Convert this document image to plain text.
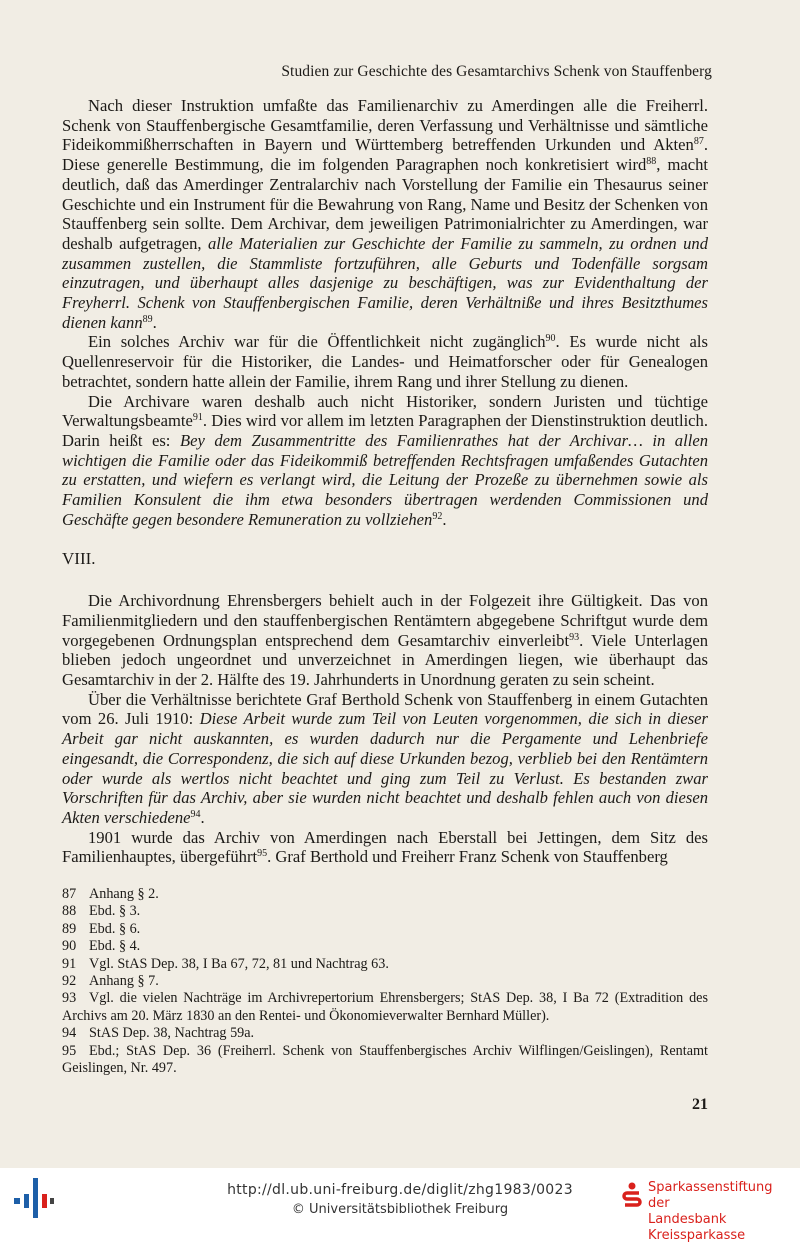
Studien zur Geschichte des Gesamtarchivs Schenk von Stauffenberg

Nach dieser Instruktion umfaßte das Familienarchiv zu Amerdingen alle die Freiherrl. Schenk von Stauffenbergische Gesamtfamilie, deren Verfassung und Verhältnisse und sämtliche Fideikommißherrschaften in Bayern und Württemberg betreffenden Urkunden und Akten$^{87}$. Diese generelle Bestimmung, die im folgenden Paragraphen noch konkretisiert wird$^{88}$, macht deutlich, daß das Amerdinger Zentralarchiv nach Vorstellung der Familie ein Thesaurus seiner Geschichte und ein Instrument für die Bewahrung von Rang, Name und Besitz der Schenken von Stauffenberg sein sollte. Dem Archivar, dem jeweiligen Patrimonialrichter zu Amerdingen, war deshalb aufgetragen, alle Materialien zur Geschichte der Familie zu sammeln, zu ordnen und zusammen zustellen, die Stammliste fortzuführen, alle Geburts und Todenfälle sorgsam einzutragen, und überhaupt alles dasjenige zu beschäftigen, was zur Evidenthaltung der Freyherrl. Schenk von Stauffenbergischen Familie, deren Verhältniße und ihres Besitzthumes dienen kann$^{89}$.

Ein solches Archiv war für die Öffentlichkeit nicht zugänglich$^{90}$. Es wurde nicht als Quellenreservoir für die Historiker, die Landes- und Heimatforscher oder für Genealogen betrachtet, sondern hatte allein der Familie, ihrem Rang und ihrer Stellung zu dienen.

Die Archivare waren deshalb auch nicht Historiker, sondern Juristen und tüchtige Verwaltungsbeamte$^{91}$. Dies wird vor allem im letzten Paragraphen der Dienstinstruktion deutlich. Darin heißt es: Bey dem Zusammentritte des Familienrathes hat der Archivar… in allen wichtigen die Familie oder das Fideikommiß betreffenden Rechtsfragen umfaßendes Gutachten zu erstatten, und wiefern es verlangt wird, die Leitung der Prozeße zu übernehmen sowie als Familien Konsulent die ihm etwa besonders übertragen werdenden Commissionen und Geschäfte gegen besondere Remuneration zu vollziehen$^{92}$.

VIII.

Die Archivordnung Ehrensbergers behielt auch in der Folgezeit ihre Gültigkeit. Das von Familienmitgliedern und den stauffenbergischen Rentämtern abgegebene Schriftgut wurde dem vorgegebenen Ordnungsplan entsprechend dem Gesamtarchiv einverleibt$^{93}$. Viele Unterlagen blieben jedoch ungeordnet und unverzeichnet in Amerdingen liegen, wie überhaupt das Gesamtarchiv in der 2. Hälfte des 19. Jahrhunderts in Unordnung geraten zu sein scheint.

Über die Verhältnisse berichtete Graf Berthold Schenk von Stauffenberg in einem Gutachten vom 26. Juli 1910: Diese Arbeit wurde zum Teil von Leuten vorgenommen, die sich in dieser Arbeit gar nicht auskannten, es wurden dadurch nur die Pergamente und Lehenbriefe eingesandt, die Correspondenz, die sich auf diese Urkunden bezog, verblieb bei den Rentämtern oder wurde als wertlos nicht beachtet und ging zum Teil zu Verlust. Es bestanden zwar Vorschriften für das Archiv, aber sie wurden nicht beachtet und deshalb fehlen auch von diesen Akten verschiedene$^{94}$.

1901 wurde das Archiv von Amerdingen nach Eberstall bei Jettingen, dem Sitz des Familienhauptes, übergeführt$^{95}$. Graf Berthold und Freiherr Franz Schenk von Stauffenberg

87 Anhang § 2.

88 Ebd. § 3.

89 Ebd. § 6.

90 Ebd. § 4.

91 Vgl. StAS Dep. 38, I Ba 67, 72, 81 und Nachtrag 63.

92 Anhang § 7.

93 Vgl. die vielen Nachträge im Archivrepertorium Ehrensbergers; StAS Dep. 38, I Ba 72 (Extradition des Archivs am 20. März 1830 an den Rentei- und Ökonomieverwalter Bernhard Müller).

94 StAS Dep. 38, Nachtrag 59a.

95 Ebd.; StAS Dep. 36 (Freiherrl. Schenk von Stauffenbergisches Archiv Wilflingen/Geislingen), Rentamt Geislingen, Nr. 497.

21
http://dl.ub.uni-freiburg.de/diglit/zhg1983/0023
© Universitätsbibliothek Freiburg
Sparkassenstiftung der
Landesbank Kreissparkasse
